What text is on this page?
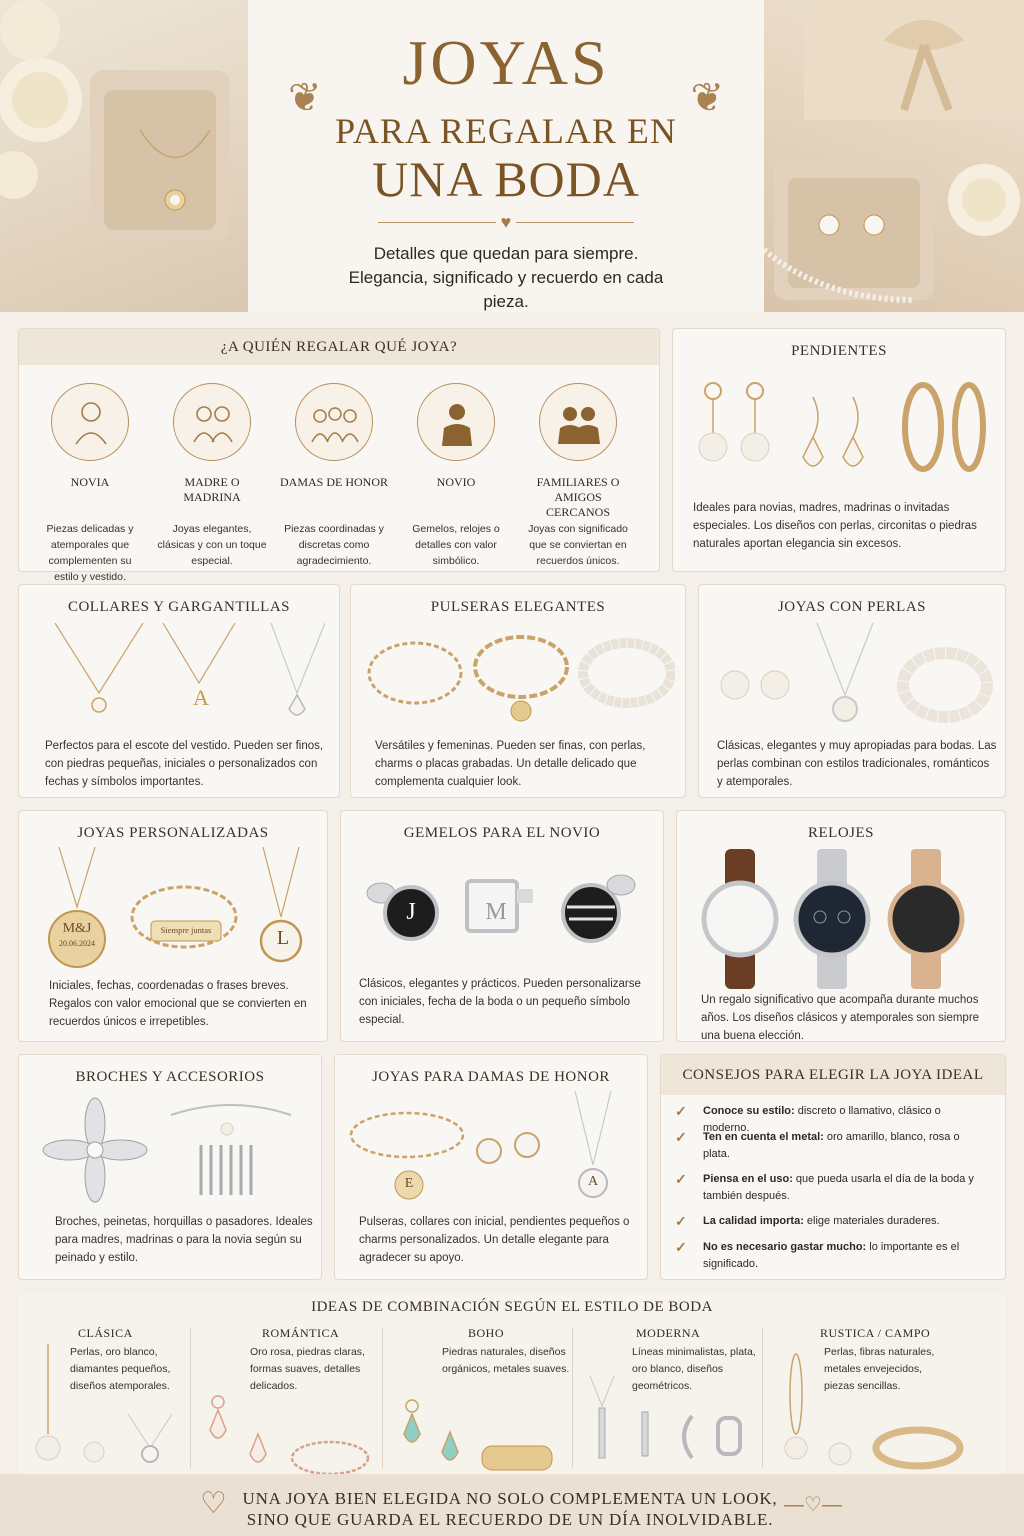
❦	❦
JOYAS
PARA REGALAR EN
UNA BODA
♥
Detalles que quedan para siempre. Elegancia, significado y recuerdo en cada pieza.
¿A QUIÉN REGALAR QUÉ JOYA?
NOVIA
Piezas delicadas y atemporales que complementen su estilo y vestido.
MADRE O MADRINA
Joyas elegantes, clásicas y con un toque especial.
DAMAS DE HONOR
Piezas coordinadas y discretas como agradecimiento.
NOVIO
Gemelos, relojes o detalles con valor simbólico.
FAMILIARES O AMIGOS CERCANOS
Joyas con significado que se conviertan en recuerdos únicos.
PENDIENTES
Ideales para novias, madres, madrinas o invitadas especiales. Los diseños con perlas, circonitas o piedras naturales aportan elegancia sin excesos.
COLLARES Y GARGANTILLAS
A
Perfectos para el escote del vestido. Pueden ser finos, con piedras pequeñas, iniciales o personalizados con fechas y símbolos importantes.
PULSERAS ELEGANTES
Versátiles y femeninas. Pueden ser finas, con perlas, charms o placas grabadas. Un detalle delicado que complementa cualquier look.
JOYAS CON PERLAS
Clásicas, elegantes y muy apropiadas para bodas. Las perlas combinan con estilos tradicionales, románticos y atemporales.
JOYAS PERSONALIZADAS
M&J
20.06.2024
Siempre juntas	L
Iniciales, fechas, coordenadas o frases breves. Regalos con valor emocional que se convierten en recuerdos únicos e irrepetibles.
GEMELOS PARA EL NOVIO
J	M
Clásicos, elegantes y prácticos. Pueden personalizarse con iniciales, fecha de la boda o un pequeño símbolo especial.
RELOJES
Un regalo significativo que acompaña durante muchos años. Los diseños clásicos y atemporales son siempre una buena elección.
BROCHES Y ACCESORIOS
Broches, peinetas, horquillas o pasadores. Ideales para madres, madrinas o para la novia según su peinado y estilo.
JOYAS PARA DAMAS DE HONOR
E	A
Pulseras, collares con inicial, pendientes pequeños o charms personalizados. Un detalle elegante para agradecer su apoyo.
CONSEJOS PARA ELEGIR LA JOYA IDEAL
✓ Conoce su estilo: discreto o llamativo, clásico o moderno.
✓ Ten en cuenta el metal: oro amarillo, blanco, rosa o plata.
✓ Piensa en el uso: que pueda usarla el día de la boda y también después.
✓ La calidad importa: elige materiales duraderes.
✓ No es necesario gastar mucho: lo importante es el significado.
IDEAS DE COMBINACIÓN SEGÚN EL ESTILO DE BODA
CLÁSICA
Perlas, oro blanco, diamantes pequeños, diseños atemporales.
ROMÁNTICA
Oro rosa, piedras claras, formas suaves, detalles delicados.
BOHO
Piedras naturales, diseños orgánicos, metales suaves.
MODERNA
Líneas minimalistas, plata, oro blanco, diseños geométricos.
RUSTICA / CAMPO
Perlas, fibras naturales, metales envejecidos, piezas sencillas.
♡ UNA JOYA BIEN ELEGIDA NO SOLO COMPLEMENTA UN LOOK,
SINO QUE GUARDA EL RECUERDO DE UN DÍA INOLVIDABLE.
—♡—
